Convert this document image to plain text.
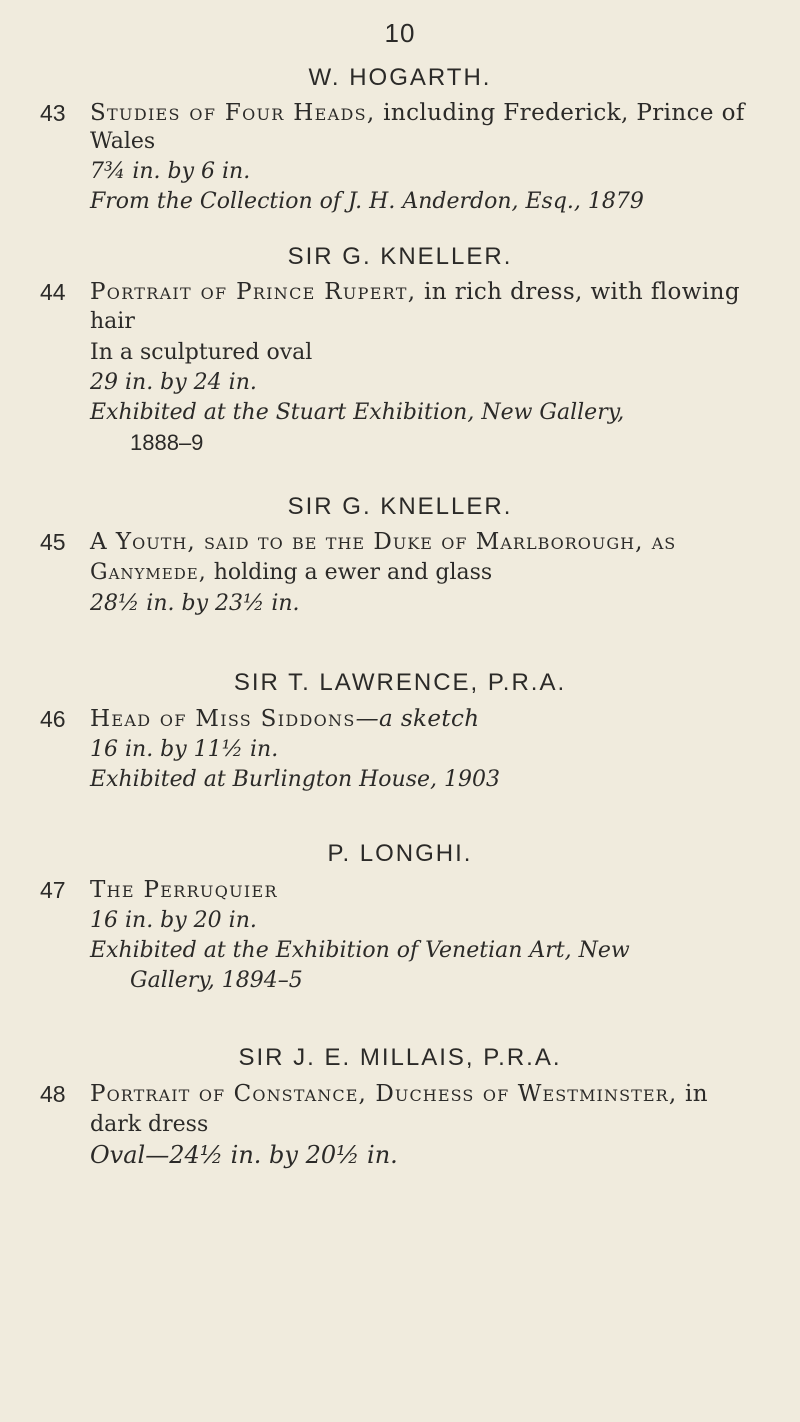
10
W. HOGARTH.
43 Studies of Four Heads, including Frederick, Prince of
Wales
7¾ in. by 6 in.
From the Collection of J. H. Anderdon, Esq., 1879
SIR G. KNELLER.
44 Portrait of Prince Rupert, in rich dress, with flowing
hair
In a sculptured oval
29 in. by 24 in.
Exhibited at the Stuart Exhibition, New Gallery,
1888–9
SIR G. KNELLER.
45 A Youth, said to be the Duke of Marlborough, as
Ganymede, holding a ewer and glass
28½ in. by 23½ in.
SIR T. LAWRENCE, P.R.A.
46 Head of Miss Siddons—a sketch
16 in. by 11½ in.
Exhibited at Burlington House, 1903
P. LONGHI.
47 The Perruquier
16 in. by 20 in.
Exhibited at the Exhibition of Venetian Art, New
Gallery, 1894–5
SIR J. E. MILLAIS, P.R.A.
48 Portrait of Constance, Duchess of Westminster, in
dark dress
Oval—24½ in. by 20½ in.
